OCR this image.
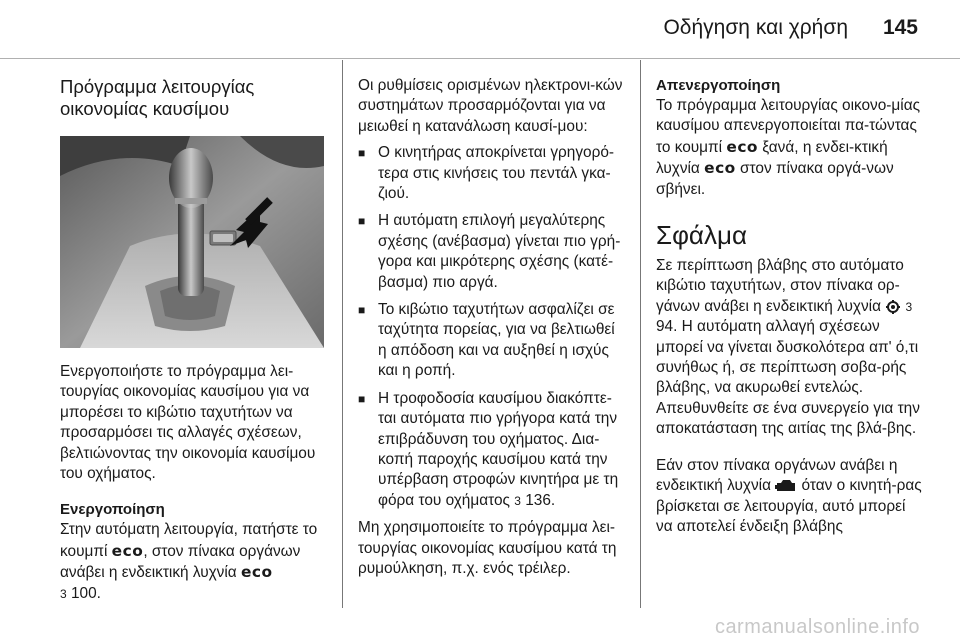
Οδήγηση και χρήση 145
Πρόγραμμα λειτουργίας οικονομίας καυσίμου

Ενεργοποιήστε το πρόγραμμα λει-τουργίας οικονομίας καυσίμου για να μπορέσει το κιβώτιο ταχυτήτων να προσαρμόσει τις αλλαγές σχέσεων, βελτιώνοντας την οικονομία καυσίμου του οχήματος.

Ενεργοποίηση

Στην αυτόματη λειτουργία, πατήστε το κουμπί eco, στον πίνακα οργάνων ανάβει η ενδεικτική λυχνία eco
3 100.

Οι ρυθμίσεις ορισμένων ηλεκτρονι-κών συστημάτων προσαρμόζονται για να μειωθεί η κατανάλωση καυσί-μου:

■ Ο κινητήρας αποκρίνεται γρηγορό-τερα στις κινήσεις του πεντάλ γκα-ζιού.
■ Η αυτόματη επιλογή μεγαλύτερης σχέσης (ανέβασμα) γίνεται πιο γρή-γορα και μικρότερης σχέσης (κατέ-βασμα) πιο αργά.
■ Το κιβώτιο ταχυτήτων ασφαλίζει σε ταχύτητα πορείας, για να βελτιωθεί η απόδοση και να αυξηθεί η ισχύς και η ροπή.
■ Η τροφοδοσία καυσίμου διακόπτε-ται αυτόματα πιο γρήγορα κατά την επιβράδυνση του οχήματος. Δια-κοπή παροχής καυσίμου κατά την υπέρβαση στροφών κινητήρα με τη φόρα του οχήματος 3 136.

Μη χρησιμοποιείτε το πρόγραμμα λει-τουργίας οικονομίας καυσίμου κατά τη ρυμούλκηση, π.χ. ενός τρέιλερ.

Απενεργοποίηση

Το πρόγραμμα λειτουργίας οικονο-μίας καυσίμου απενεργοποιείται πα-τώντας το κουμπί eco ξανά, η ενδει-κτική λυχνία eco στον πίνακα οργά-νων σβήνει.

Σφάλμα

Σε περίπτωση βλάβης στο αυτόματο κιβώτιο ταχυτήτων, στον πίνακα ορ-γάνων ανάβει η ενδεικτική λυχνία 3 94. Η αυτόματη αλλαγή σχέσεων μπορεί να γίνεται δυσκολότερα απ' ό,τι συνήθως ή, σε περίπτωση σοβα-ρής βλάβης, να ακυρωθεί εντελώς. Απευθυνθείτε σε ένα συνεργείο για την αποκατάσταση της αιτίας της βλά-βης.

Εάν στον πίνακα οργάνων ανάβει η ενδεικτική λυχνία όταν ο κινητή-ρας βρίσκεται σε λειτουργία, αυτό μπορεί να αποτελεί ένδειξη βλάβης

carmanualsonline.info
